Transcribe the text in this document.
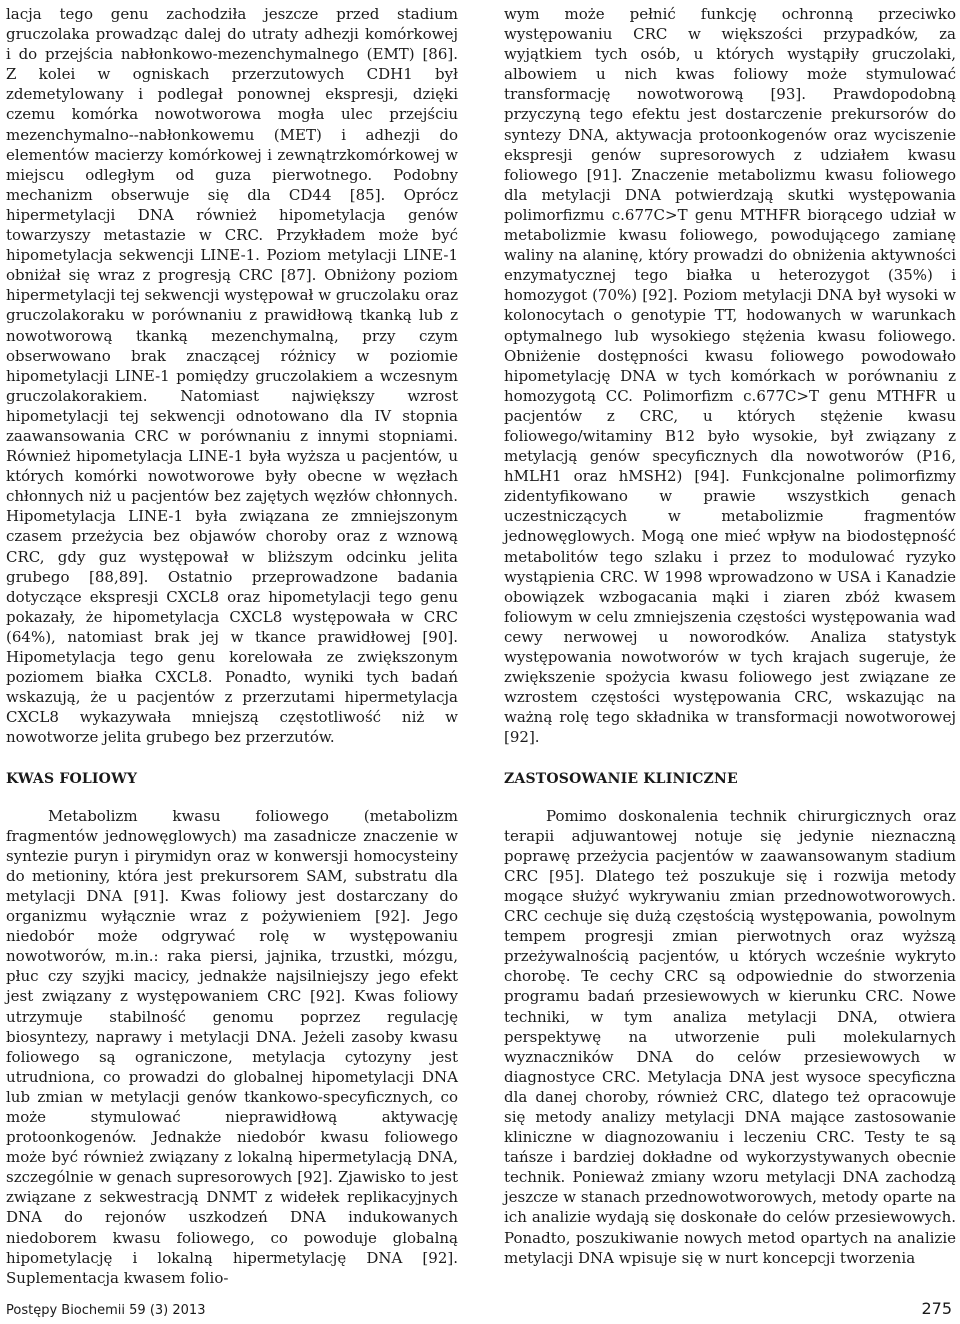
lacja tego genu zachodziła jeszcze przed stadium gruczolaka prowadząc dalej do utraty adhezji komórkowej i do przejścia nabłonkowo-mezenchymalnego (EMT) [86]. Z kolei w ogniskach przerzutowych CDH1 był zdemetylowany i podlegał ponownej ekspresji, dzięki czemu komórka nowotworowa mogła ulec przejściu mezenchymalno--nabłonkowemu (MET) i adhezji do elementów macierzy komórkowej i zewnątrzkomórkowej w miejscu odległym od guza pierwotnego. Podobny mechanizm obserwuje się dla CD44 [85]. Oprócz hipermetylacji DNA również hipometylacja genów towarzyszy metastazie w CRC. Przykładem może być hipometylacja sekwencji LINE-1. Poziom metylacji LINE-1 obniżał się wraz z progresją CRC [87]. Obniżony poziom hipermetylacji tej sekwencji występował w gruczolaku oraz gruczolakoraku w porównaniu z prawidłową tkanką lub z nowotworową tkanką mezenchymalną, przy czym obserwowano brak znaczącej różnicy w poziomie hipometylacji LINE-1 pomiędzy gruczolakiem a wczesnym gruczolakorakiem. Natomiast największy wzrost hipometylacji tej sekwencji odnotowano dla IV stopnia zaawansowania CRC w porównaniu z innymi stopniami. Również hipometylacja LINE-1 była wyższa u pacjentów, u których komórki nowotworowe były obecne w węzłach chłonnych niż u pacjentów bez zajętych węzłów chłonnych. Hipometylacja LINE-1 była związana ze zmniejszonym czasem przeżycia bez objawów choroby oraz z wznową CRC, gdy guz występował w bliższym odcinku jelita grubego [88,89]. Ostatnio przeprowadzone badania dotyczące ekspresji CXCL8 oraz hipometylacji tego genu pokazały, że hipometylacja CXCL8 występowała w CRC (64%), natomiast brak jej w tkance prawidłowej [90]. Hipometylacja tego genu korelowała ze zwiększonym poziomem białka CXCL8. Ponadto, wyniki tych badań wskazują, że u pacjentów z przerzutami hipermetylacja CXCL8 wykazywała mniejszą częstotliwość niż w nowotworze jelita grubego bez przerzutów.

KWAS FOLIOWY

Metabolizm kwasu foliowego (metabolizm fragmentów jednowęglowych) ma zasadnicze znaczenie w syntezie puryn i pirymidyn oraz w konwersji homocysteiny do metioniny, która jest prekursorem SAM, substratu dla metylacji DNA [91]. Kwas foliowy jest dostarczany do organizmu wyłącznie wraz z pożywieniem [92]. Jego niedobór może odgrywać rolę w występowaniu nowotworów, m.in.: raka piersi, jajnika, trzustki, mózgu, płuc czy szyjki macicy, jednakże najsilniejszy jego efekt jest związany z występowaniem CRC [92]. Kwas foliowy utrzymuje stabilność genomu poprzez regulację biosyntezy, naprawy i metylacji DNA. Jeżeli zasoby kwasu foliowego są ograniczone, metylacja cytozyny jest utrudniona, co prowadzi do globalnej hipometylacji DNA lub zmian w metylacji genów tkankowo-specyficznych, co może stymulować nieprawidłową aktywację protoonkogenów. Jednakże niedobór kwasu foliowego może być również związany z lokalną hipermetylacją DNA, szczególnie w genach supresorowych [92]. Zjawisko to jest związane z sekwestracją DNMT z widełek replikacyjnych DNA do rejonów uszkodzeń DNA indukowanych niedoborem kwasu foliowego, co powoduje globalną hipometylację i lokalną hipermetylację DNA [92]. Suplementacja kwasem folio-

wym może pełnić funkcję ochronną przeciwko występowaniu CRC w większości przypadków, za wyjątkiem tych osób, u których wystąpiły gruczolaki, albowiem u nich kwas foliowy może stymulować transformację nowotworową [93]. Prawdopodobną przyczyną tego efektu jest dostarczenie prekursorów do syntezy DNA, aktywacja protoonkogenów oraz wyciszenie ekspresji genów supresorowych z udziałem kwasu foliowego [91]. Znaczenie metabolizmu kwasu foliowego dla metylacji DNA potwierdzają skutki występowania polimorfizmu c.677C>T genu MTHFR biorącego udział w metabolizmie kwasu foliowego, powodującego zamianę waliny na alaninę, który prowadzi do obniżenia aktywności enzymatycznej tego białka u heterozygot (35%) i homozygot (70%) [92]. Poziom metylacji DNA był wysoki w kolonocytach o genotypie TT, hodowanych w warunkach optymalnego lub wysokiego stężenia kwasu foliowego. Obniżenie dostępności kwasu foliowego powodowało hipometylację DNA w tych komórkach w porównaniu z homozygotą CC. Polimorfizm c.677C>T genu MTHFR u pacjentów z CRC, u których stężenie kwasu foliowego/witaminy B12 było wysokie, był związany z metylacją genów specyficznych dla nowotworów (P16, hMLH1 oraz hMSH2) [94]. Funkcjonalne polimorfizmy zidentyfikowano w prawie wszystkich genach uczestniczących w metabolizmie fragmentów jednowęglowych. Mogą one mieć wpływ na biodostępność metabolitów tego szlaku i przez to modulować ryzyko wystąpienia CRC. W 1998 wprowadzono w USA i Kanadzie obowiązek wzbogacania mąki i ziaren zbóż kwasem foliowym w celu zmniejszenia częstości występowania wad cewy nerwowej u noworodków. Analiza statystyk występowania nowotworów w tych krajach sugeruje, że zwiększenie spożycia kwasu foliowego jest związane ze wzrostem częstości występowania CRC, wskazując na ważną rolę tego składnika w transformacji nowotworowej [92].

ZASTOSOWANIE KLINICZNE

Pomimo doskonalenia technik chirurgicznych oraz terapii adjuwantowej notuje się jedynie nieznaczną poprawę przeżycia pacjentów w zaawansowanym stadium CRC [95]. Dlatego też poszukuje się i rozwija metody mogące służyć wykrywaniu zmian przednowotworowych. CRC cechuje się dużą częstością występowania, powolnym tempem progresji zmian pierwotnych oraz wyższą przeżywalnością pacjentów, u których wcześnie wykryto chorobę. Te cechy CRC są odpowiednie do stworzenia programu badań przesiewowych w kierunku CRC. Nowe techniki, w tym analiza metylacji DNA, otwiera perspektywę na utworzenie puli molekularnych wyznaczników DNA do celów przesiewowych w diagnostyce CRC. Metylacja DNA jest wysoce specyficzna dla danej choroby, również CRC, dlatego też opracowuje się metody analizy metylacji DNA mające zastosowanie kliniczne w diagnozowaniu i leczeniu CRC. Testy te są tańsze i bardziej dokładne od wykorzystywanych obecnie technik. Ponieważ zmiany wzoru metylacji DNA zachodzą jeszcze w stanach przednowotworowych, metody oparte na ich analizie wydają się doskonałe do celów przesiewowych. Ponadto, poszukiwanie nowych metod opartych na analizie metylacji DNA wpisuje się w nurt koncepcji tworzenia

Postępy Biochemii 59 (3) 2013	275
